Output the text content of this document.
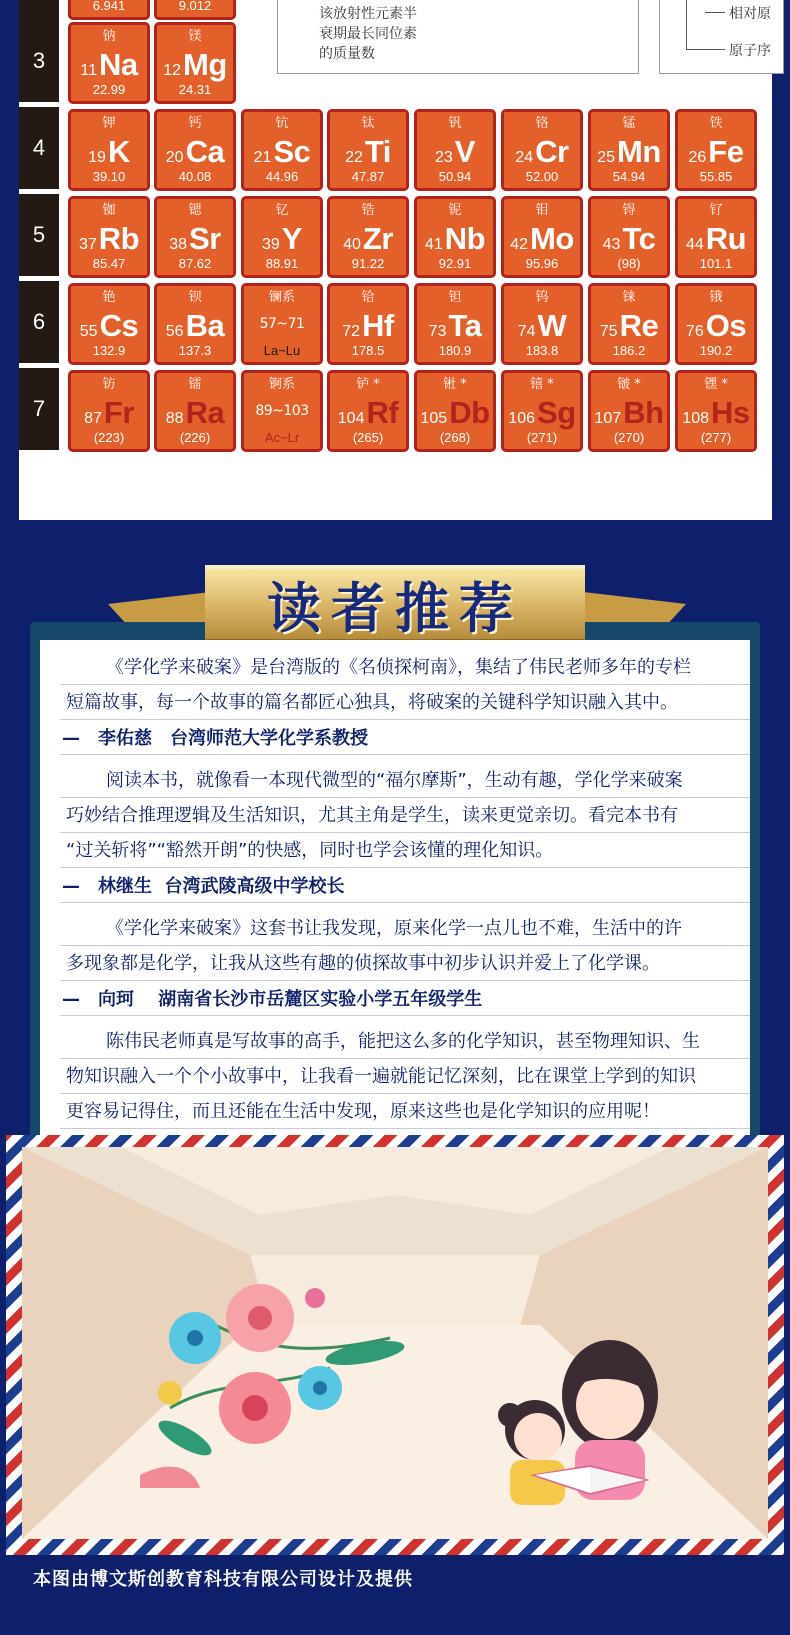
该放射性元素半
衰期最长同位素
的质量数
相对原
原子序
6.941	9.012
3
钠
11 Na
22.99
镁
12 Mg
24.31
4
钾
19 K
39.10
钙
20 Ca
40.08
钪
21 Sc
44.96
钛
22 Ti
47.87
钒
23 V
50.94
铬
24 Cr
52.00
锰
25 Mn
54.94
铁
26 Fe
55.85
5
铷
37 Rb
85.47
锶
38 Sr
87.62
钇
39 Y
88.91
锆
40 Zr
91.22
铌
41 Nb
92.91
钼
42 Mo
95.96
锝
43 Tc
(98)
钌
44 Ru
101.1
6
铯
55 Cs
132.9
钡
56 Ba
137.3
镧系
57~71
La~Lu
铪
72 Hf
178.5
钽
73 Ta
180.9
钨
74 W
183.8
铼
75 Re
186.2
锇
76 Os
190.2
7
钫
87 Fr
(223)
镭
88 Ra
(226)
锕系
89~103
Ac~Lr
𬬻 *
104 Rf
(265)
𬭊 *
105 Db
(268)
𬭳 *
106 Sg
(271)
𬭛 *
107 Bh
(270)
𬭶 *
108 Hs
(277)
读者推荐
《学化学来破案》是台湾版的《名侦探柯南》，集结了伟民老师多年的专栏
短篇故事，每一个故事的篇名都匠心独具，将破案的关键科学知识融入其中。
—　李佑慈　台湾师范大学化学系教授
阅读本书，就像看一本现代微型的“福尔摩斯”，生动有趣，学化学来破案
巧妙结合推理逻辑及生活知识，尤其主角是学生，读来更觉亲切。看完本书有
“过关斩将”“豁然开朗”的快感，同时也学会该懂的理化知识。
—　林继生  台湾武陵高级中学校长
《学化学来破案》这套书让我发现，原来化学一点儿也不难，生活中的许
多现象都是化学，让我从这些有趣的侦探故事中初步认识并爱上了化学课。
—　向珂　 湖南省长沙市岳麓区实验小学五年级学生
陈伟民老师真是写故事的高手，能把这么多的化学知识，甚至物理知识、生
物知识融入一个个小故事中，让我看一遍就能记忆深刻，比在课堂上学到的知识
更容易记得住，而且还能在生活中发现，原来这些也是化学知识的应用呢！
本图由博文斯创教育科技有限公司设计及提供
